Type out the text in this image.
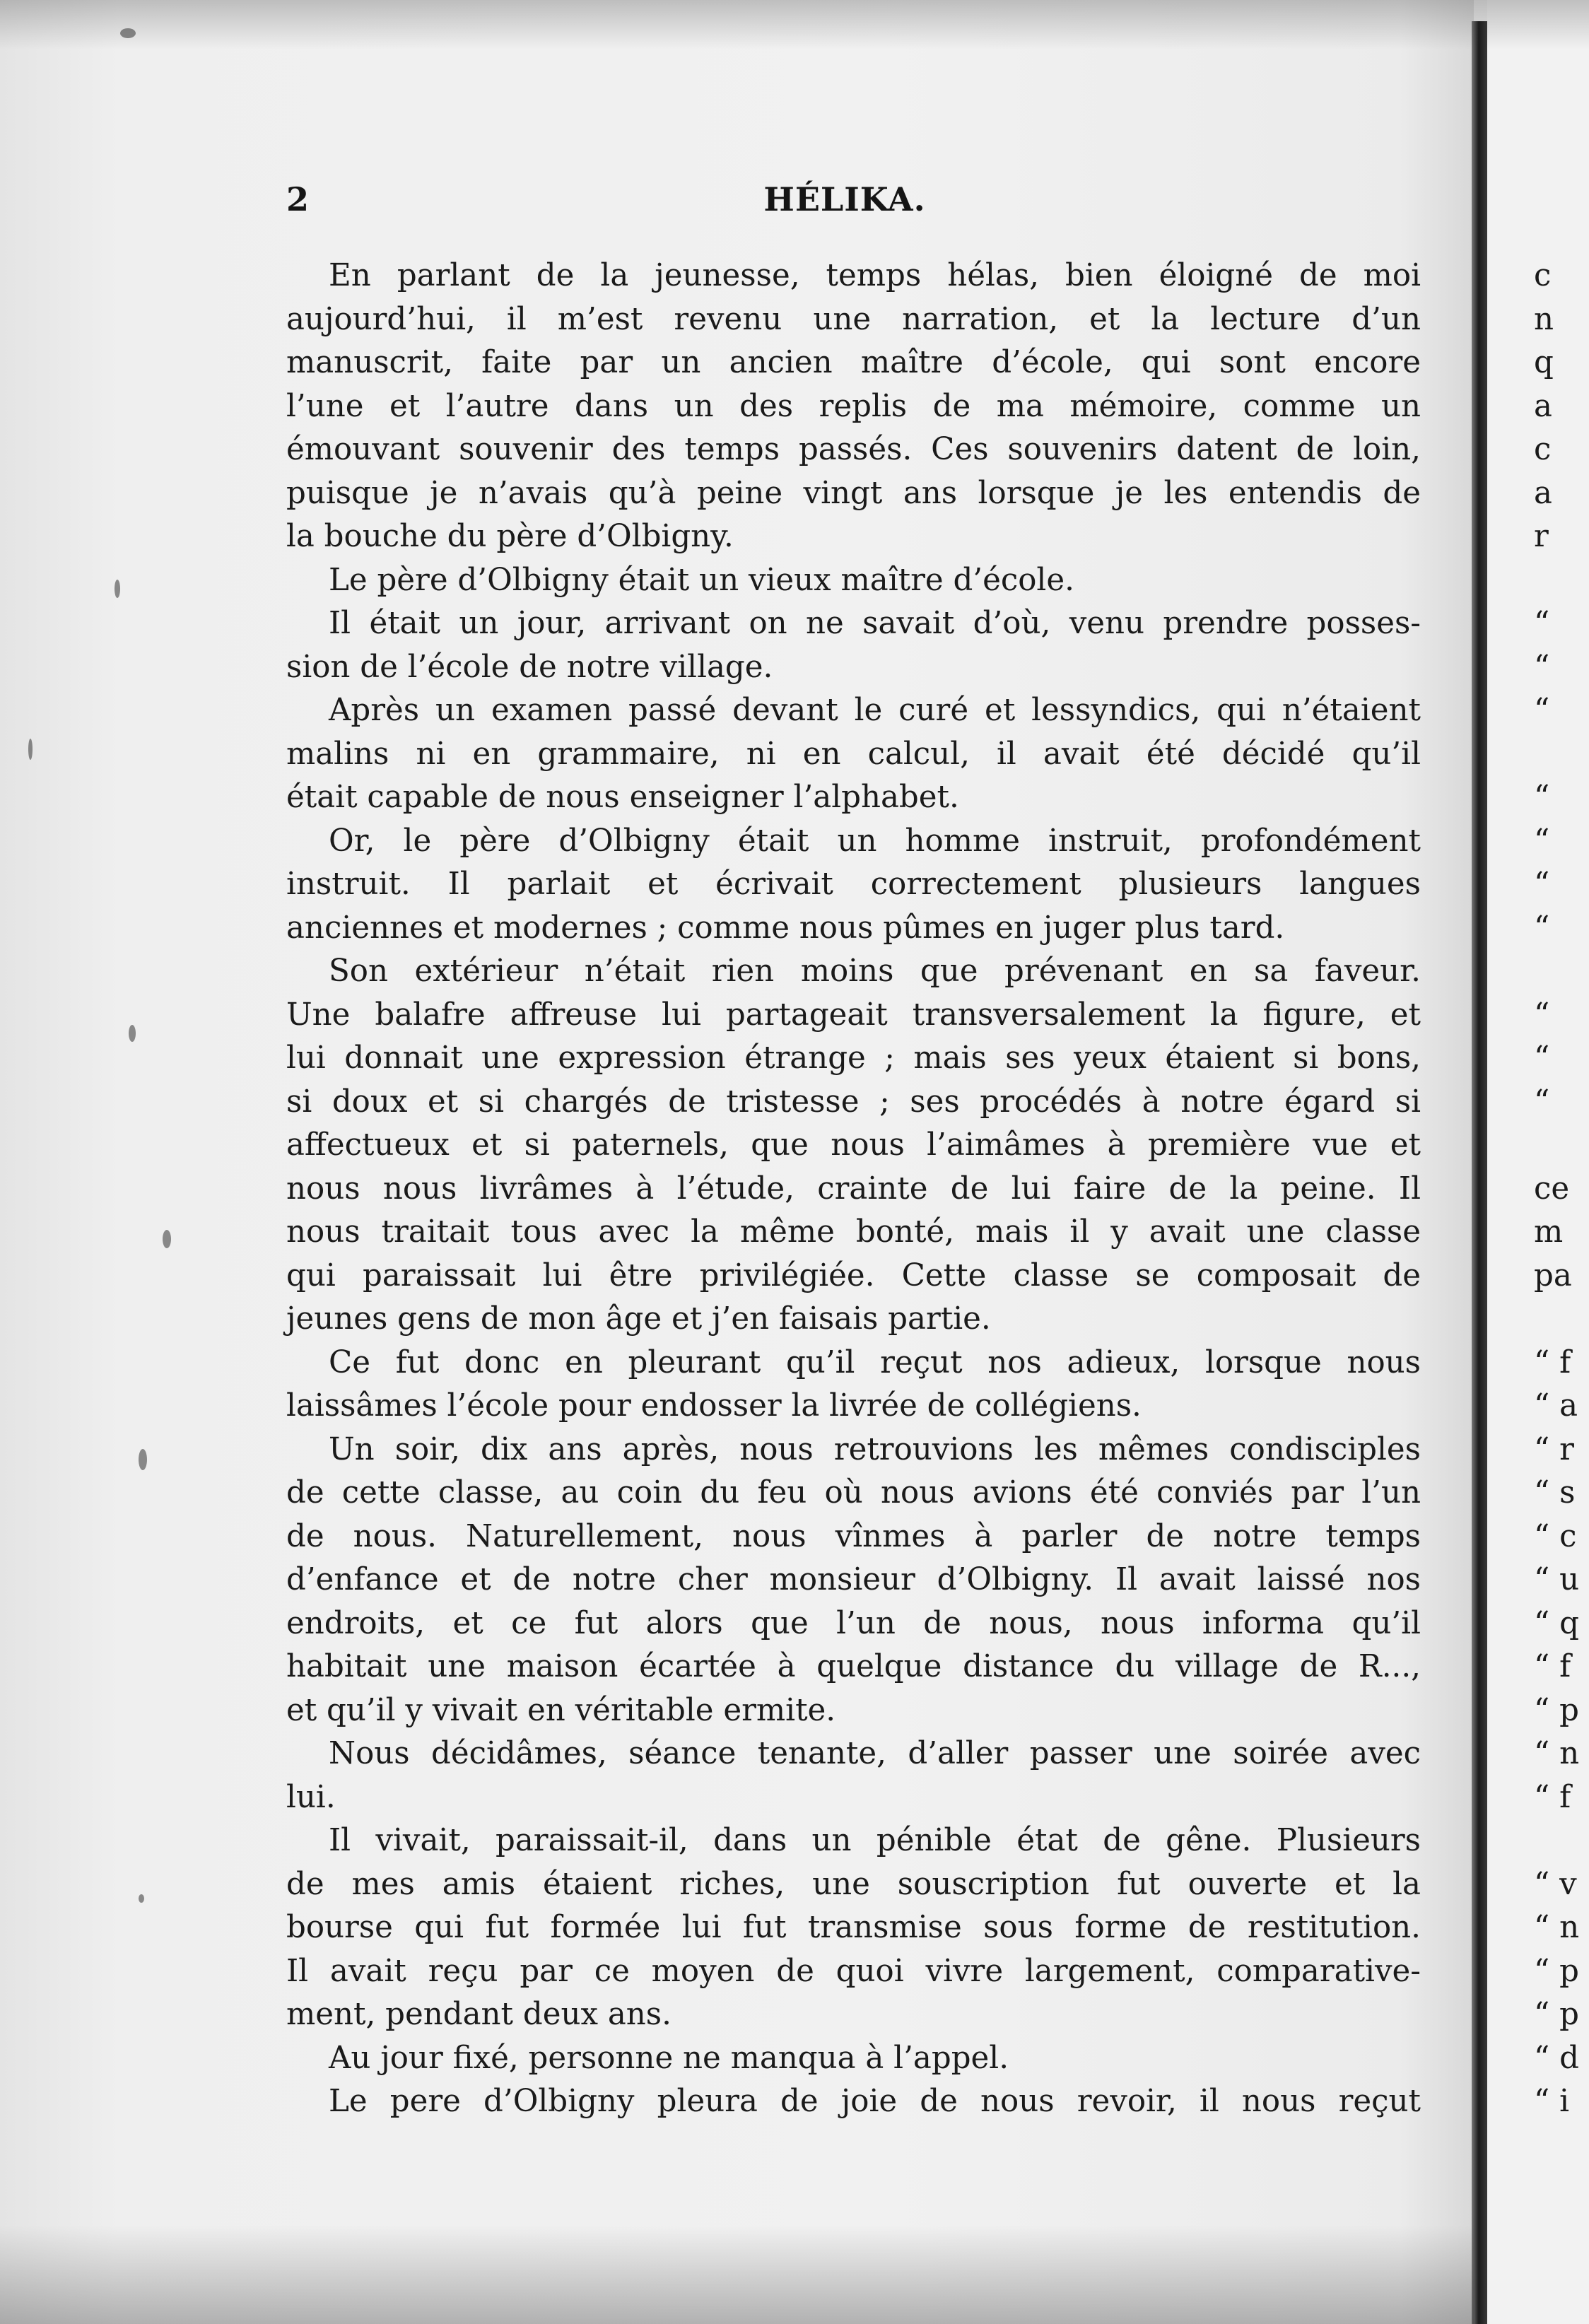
2	HÉLIKA.
En parlant de la jeunesse, temps hélas, bien éloigné de moi
aujourd’hui, il m’est revenu une narration, et la lecture d’un
manuscrit, faite par un ancien maître d’école, qui sont encore
l’une et l’autre dans un des replis de ma mémoire, comme un
émouvant souvenir des temps passés. Ces souvenirs datent de loin,
puisque je n’avais qu’à peine vingt ans lorsque je les entendis de
la bouche du père d’Olbigny.
Le père d’Olbigny était un vieux maître d’école.
Il était un jour, arrivant on ne savait d’où, venu prendre posses-
sion de l’école de notre village.
Après un examen passé devant le curé et lessyndics, qui n’étaient
malins ni en grammaire, ni en calcul, il avait été décidé qu’il
était capable de nous enseigner l’alphabet.
Or, le père d’Olbigny était un homme instruit, profondément
instruit. Il parlait et écrivait correctement plusieurs langues
anciennes et modernes ; comme nous pûmes en juger plus tard.
Son extérieur n’était rien moins que prévenant en sa faveur.
Une balafre affreuse lui partageait transversalement la figure, et
lui donnait une expression étrange ; mais ses yeux étaient si bons,
si doux et si chargés de tristesse ; ses procédés à notre égard si
affectueux et si paternels, que nous l’aimâmes à première vue et
nous nous livrâmes à l’étude, crainte de lui faire de la peine. Il
nous traitait tous avec la même bonté, mais il y avait une classe
qui paraissait lui être privilégiée. Cette classe se composait de
jeunes gens de mon âge et j’en faisais partie.
Ce fut donc en pleurant qu’il reçut nos adieux, lorsque nous
laissâmes l’école pour endosser la livrée de collégiens.
Un soir, dix ans après, nous retrouvions les mêmes condisciples
de cette classe, au coin du feu où nous avions été conviés par l’un
de nous. Naturellement, nous vînmes à parler de notre temps
d’enfance et de notre cher monsieur d’Olbigny. Il avait laissé nos
endroits, et ce fut alors que l’un de nous, nous informa qu’il
habitait une maison écartée à quelque distance du village de R...,
et qu’il y vivait en véritable ermite.
Nous décidâmes, séance tenante, d’aller passer une soirée avec
lui.
Il vivait, paraissait-il, dans un pénible état de gêne. Plusieurs
de mes amis étaient riches, une souscription fut ouverte et la
bourse qui fut formée lui fut transmise sous forme de restitution.
Il avait reçu par ce moyen de quoi vivre largement, comparative-
ment, pendant deux ans.
Au jour fixé, personne ne manqua à l’appel.
Le pere d’Olbigny pleura de joie de nous revoir, il nous reçut
c
n
q
a
c
a
r
“
“
“
“
“
“
“
“
“
“
ce
m
pa
“ f
“ a
“ r
“ s
“ c
“ u
“ q
“ f
“ p
“ n
“ f
“ v
“ n
“ p
“ p
“ d
“ i
